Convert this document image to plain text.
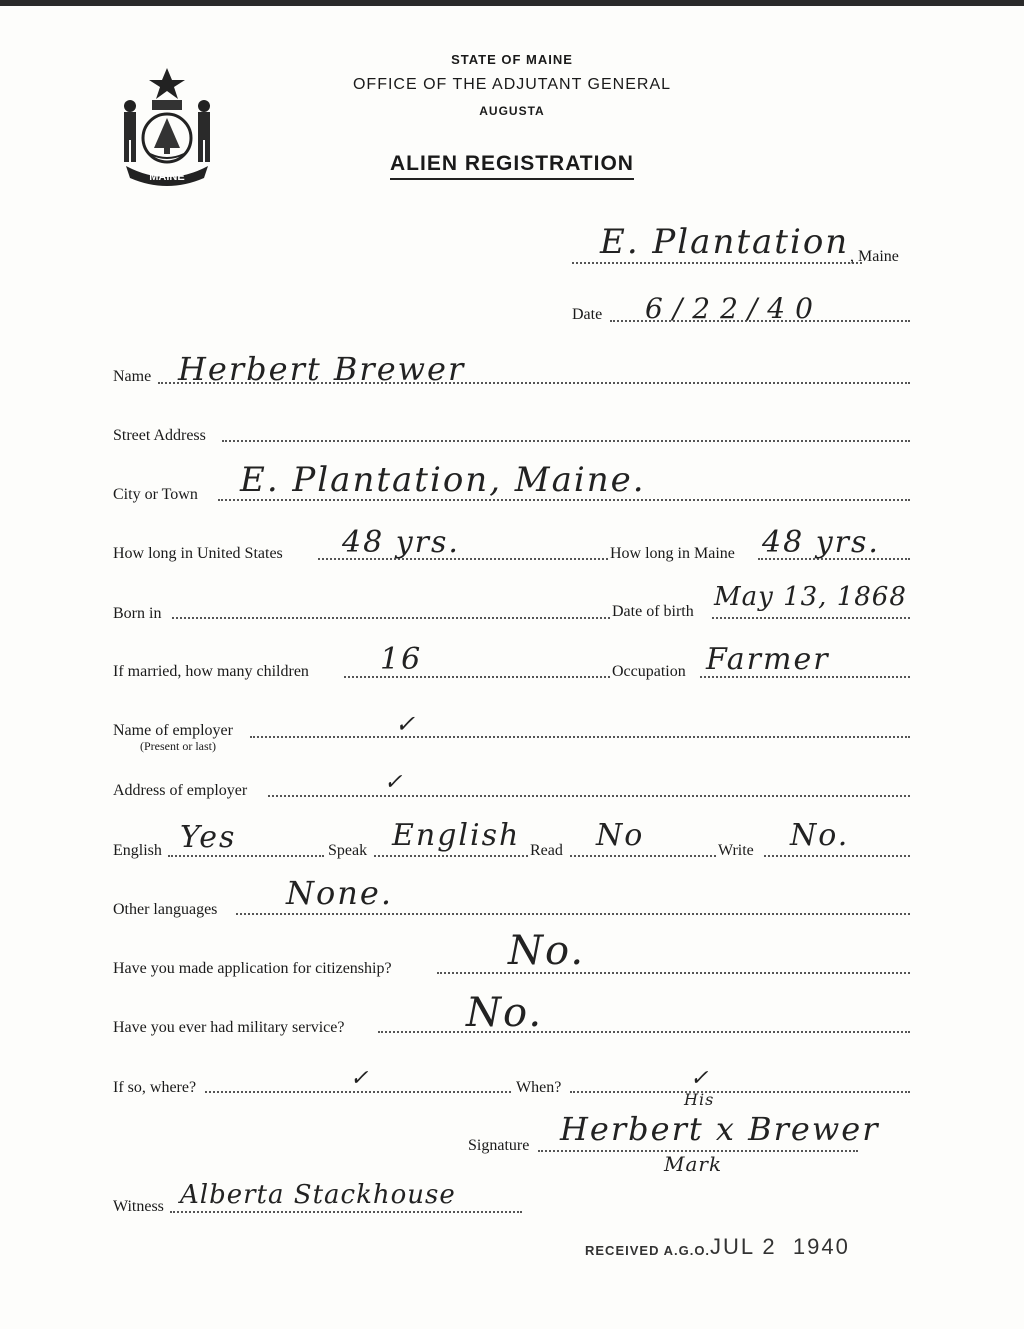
MAINE
STATE OF MAINE
OFFICE OF THE ADJUTANT GENERAL
AUGUSTA
ALIEN REGISTRATION
E. Plantation , Maine
Date 6/22/40
Name Herbert Brewer
Street Address
City or Town E. Plantation, Maine.
How long in United States 48 yrs.	How long in Maine 48 yrs.
Born in	Date of birth May 13, 1868
If married, how many children 16	Occupation Farmer
Name of employer
(Present or last)
✓
Address of employer	✓
English Yes	Speak English Read No	Write No.
Other languages None.
Have you made application for citizenship?	No.
Have you ever had military service?	No.
If so, where?	✓	When?	✓
Signature Herbert x Brewer
His
Mark
Witness Alberta Stackhouse
RECEIVED A.G.O. JUL 2  1940
